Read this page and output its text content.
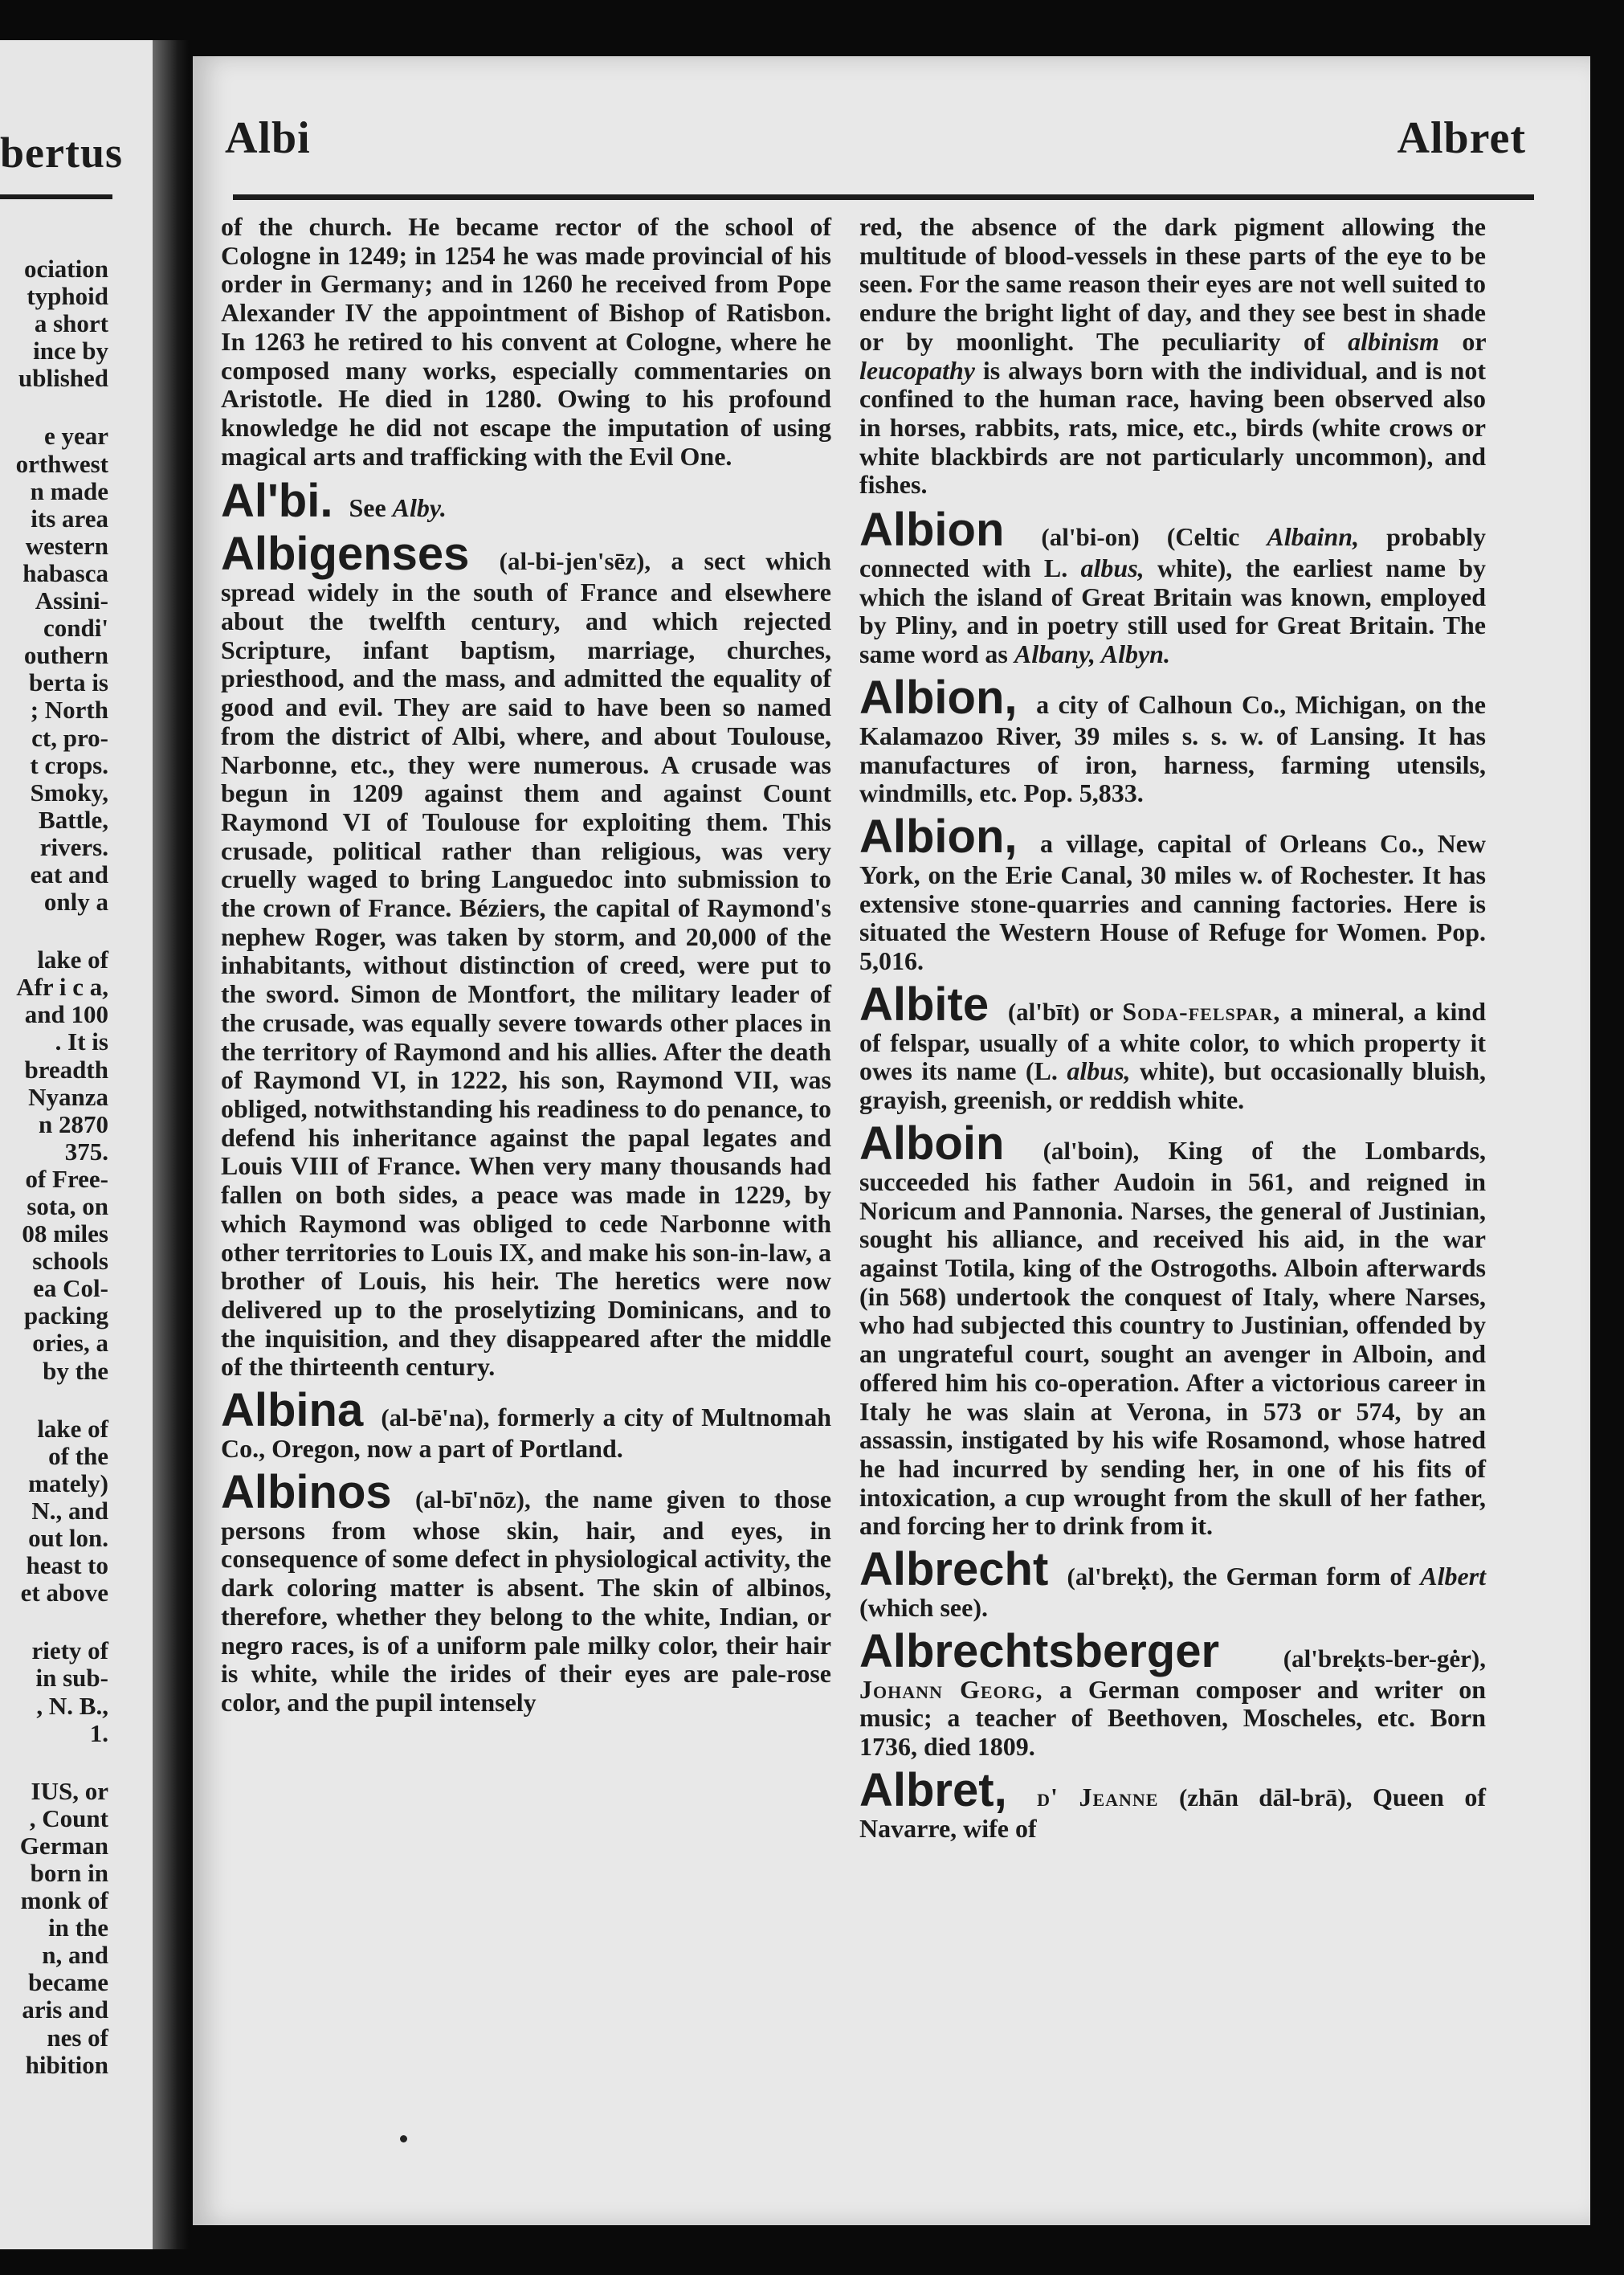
bertus
ociation
typhoid
a short
ince by
ublished

e year
orthwest
n made
its area
western
habasca
Assini-
condi'
outhern
berta is
; North
ct, pro-
t crops.
Smoky,
Battle,
rivers.
eat and
only a

lake of
Afr i c a,
and 100
. It is
breadth
Nyanza
n 2870
375.
of Free-
sota, on
08 miles
schools
ea Col-
packing
ories, a
by the

lake of
of the
mately)
N., and
out lon.
heast to
et above

riety of
in sub-
, N. B.,
1.

IUS, or
, Count
German
born in
monk of
in the
n, and
became
aris and
nes of
hibition
Albi	Albret

of the church. He became rector of the school of Cologne in 1249; in 1254 he was made provincial of his order in Germany; and in 1260 he received from Pope Alexander IV the appointment of Bishop of Ratisbon. In 1263 he retired to his convent at Cologne, where he composed many works, especially commentaries on Aristotle. He died in 1280. Owing to his profound knowledge he did not escape the imputation of using magical arts and trafficking with the Evil One.

Al'bi. See Alby.

Albigenses (al-bi-jen'sēz), a sect which spread widely in the south of France and elsewhere about the twelfth century, and which rejected Scripture, infant baptism, marriage, churches, priesthood, and the mass, and admitted the equality of good and evil. They are said to have been so named from the district of Albi, where, and about Toulouse, Narbonne, etc., they were numerous. A crusade was begun in 1209 against them and against Count Raymond VI of Toulouse for exploiting them. This crusade, political rather than religious, was very cruelly waged to bring Languedoc into submission to the crown of France. Béziers, the capital of Raymond's nephew Roger, was taken by storm, and 20,000 of the inhabitants, without distinction of creed, were put to the sword. Simon de Montfort, the military leader of the crusade, was equally severe towards other places in the territory of Raymond and his allies. After the death of Raymond VI, in 1222, his son, Raymond VII, was obliged, notwithstanding his readiness to do penance, to defend his inheritance against the papal legates and Louis VIII of France. When very many thousands had fallen on both sides, a peace was made in 1229, by which Raymond was obliged to cede Narbonne with other territories to Louis IX, and make his son-in-law, a brother of Louis, his heir. The heretics were now delivered up to the proselytizing Dominicans, and to the inquisition, and they disappeared after the middle of the thirteenth century.

Albina (al-bē'na), formerly a city of Multnomah Co., Oregon, now a part of Portland.

Albinos (al-bī'nōz), the name given to those persons from whose skin, hair, and eyes, in consequence of some defect in physiological activity, the dark coloring matter is absent. The skin of albinos, therefore, whether they belong to the white, Indian, or negro races, is of a uniform pale milky color, their hair is white, while the irides of their eyes are pale-rose color, and the pupil intensely

red, the absence of the dark pigment allowing the multitude of blood-vessels in these parts of the eye to be seen. For the same reason their eyes are not well suited to endure the bright light of day, and they see best in shade or by moonlight. The peculiarity of albinism or leucopathy is always born with the individual, and is not confined to the human race, having been observed also in horses, rabbits, rats, mice, etc., birds (white crows or white blackbirds are not particularly uncommon), and fishes.

Albion (al'bi-on) (Celtic Albainn, probably connected with L. albus, white), the earliest name by which the island of Great Britain was known, employed by Pliny, and in poetry still used for Great Britain. The same word as Albany, Albyn.

Albion, a city of Calhoun Co., Michigan, on the Kalamazoo River, 39 miles s. s. w. of Lansing. It has manufactures of iron, harness, farming utensils, windmills, etc. Pop. 5,833.

Albion, a village, capital of Orleans Co., New York, on the Erie Canal, 30 miles w. of Rochester. It has extensive stone-quarries and canning factories. Here is situated the Western House of Refuge for Women. Pop. 5,016.

Albite (al'bīt) or Soda-felspar, a mineral, a kind of felspar, usually of a white color, to which property it owes its name (L. albus, white), but occasionally bluish, grayish, greenish, or reddish white.

Alboin (al'boin), King of the Lombards, succeeded his father Audoin in 561, and reigned in Noricum and Pannonia. Narses, the general of Justinian, sought his alliance, and received his aid, in the war against Totila, king of the Ostrogoths. Alboin afterwards (in 568) undertook the conquest of Italy, where Narses, who had subjected this country to Justinian, offended by an ungrateful court, sought an avenger in Alboin, and offered him his co-operation. After a victorious career in Italy he was slain at Verona, in 573 or 574, by an assassin, instigated by his wife Rosamond, whose hatred he had incurred by sending her, in one of his fits of intoxication, a cup wrought from the skull of her father, and forcing her to drink from it.

Albrecht (al'breḳt), the German form of Albert (which see).

Albrechtsberger	(al'breḳts-ber-gėr), Johann Georg, a German composer and writer on music; a teacher of Beethoven, Moscheles, etc. Born 1736, died 1809.

Albret, d' Jeanne (zhān dāl-brā), Queen of Navarre, wife of
